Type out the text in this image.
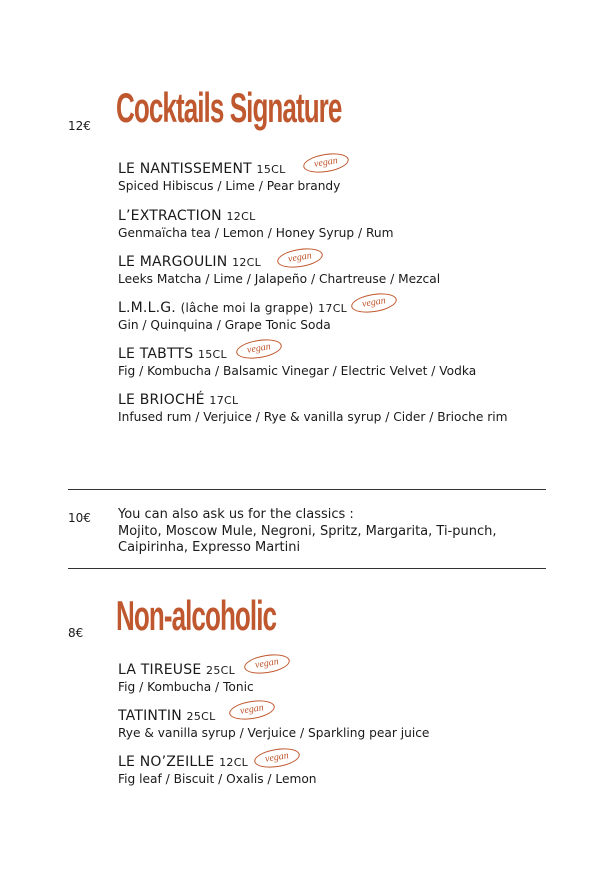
12€ Cocktails Signature
LE NANTISSEMENT 15CL
Spiced Hibiscus / Lime / Pear brandy
vegan
L’EXTRACTION 12CL
Genmaïcha tea / Lemon / Honey Syrup / Rum
LE MARGOULIN 12CL
Leeks Matcha / Lime / Jalapeño / Chartreuse / Mezcal
vegan
L.M.L.G. (lâche moi la grappe) 17CL
Gin / Quinquina / Grape Tonic Soda
vegan
LE TABTTS 15CL
Fig / Kombucha / Balsamic Vinegar / Electric Velvet / Vodka
vegan
LE BRIOCHÉ 17CL
Infused rum / Verjuice / Rye & vanilla syrup / Cider / Brioche rim
10€ You can also ask us for the classics :
Mojito, Moscow Mule, Negroni, Spritz, Margarita, Ti-punch,
Caipirinha, Expresso Martini
8€ Non-alcoholic
LA TIREUSE 25CL
Fig / Kombucha / Tonic
vegan
TATINTIN 25CL
Rye & vanilla syrup / Verjuice / Sparkling pear juice
vegan
LE NO’ZEILLE 12CL
Fig leaf / Biscuit / Oxalis / Lemon
vegan
